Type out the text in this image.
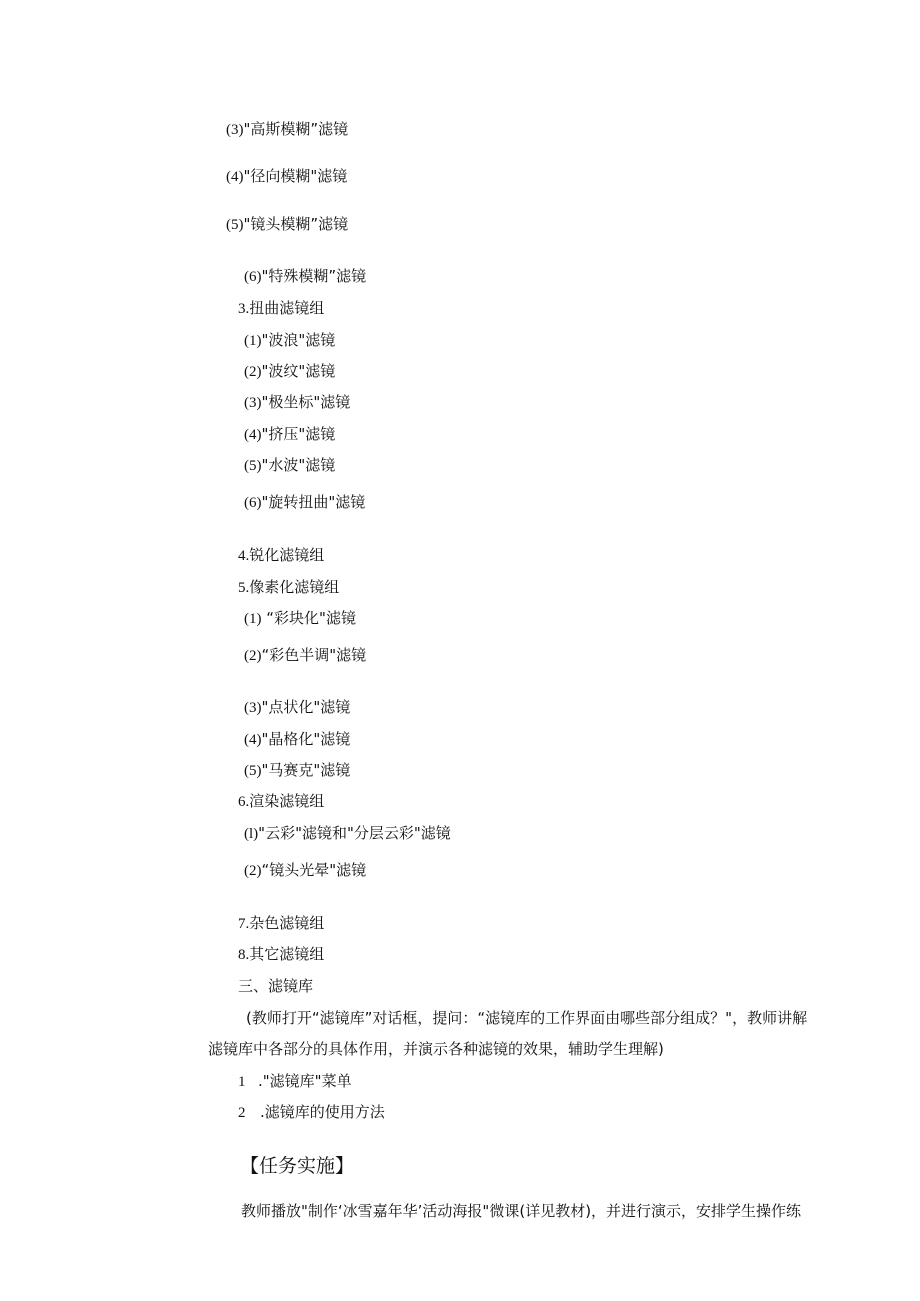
(3)"高斯模糊”滤镜
(4)"径向模糊"滤镜
(5)"镜头模糊”滤镜
(6)"特殊模糊”滤镜
3.扭曲滤镜组
(1)"波浪"滤镜
(2)"波纹"滤镜
(3)"极坐标"滤镜
(4)"挤压"滤镜
(5)"水波"滤镜
(6)"旋转扭曲"滤镜
4.锐化滤镜组
5.像素化滤镜组
(1) “彩块化"滤镜
(2)“彩色半调"滤镜
(3)"点状化"滤镜
(4)"晶格化"滤镜
(5)"马赛克"滤镜
6.渲染滤镜组
(l)"云彩"滤镜和"分层云彩"滤镜
(2)“镜头光晕"滤镜
7.杂色滤镜组
8.其它滤镜组
三、滤镜库
(教师打开“滤镜库”对话框，提问：“滤镜库的工作界面由哪些部分组成？"，教师讲解
滤镜库中各部分的具体作用，并演示各种滤镜的效果，辅助学生理解)
1 ."滤镜库"菜单
2 .滤镜库的使用方法
【任务实施】
教师播放"制作‘冰雪嘉年华’活动海报"微课(详见教材)，并进行演示，安排学生操作练
